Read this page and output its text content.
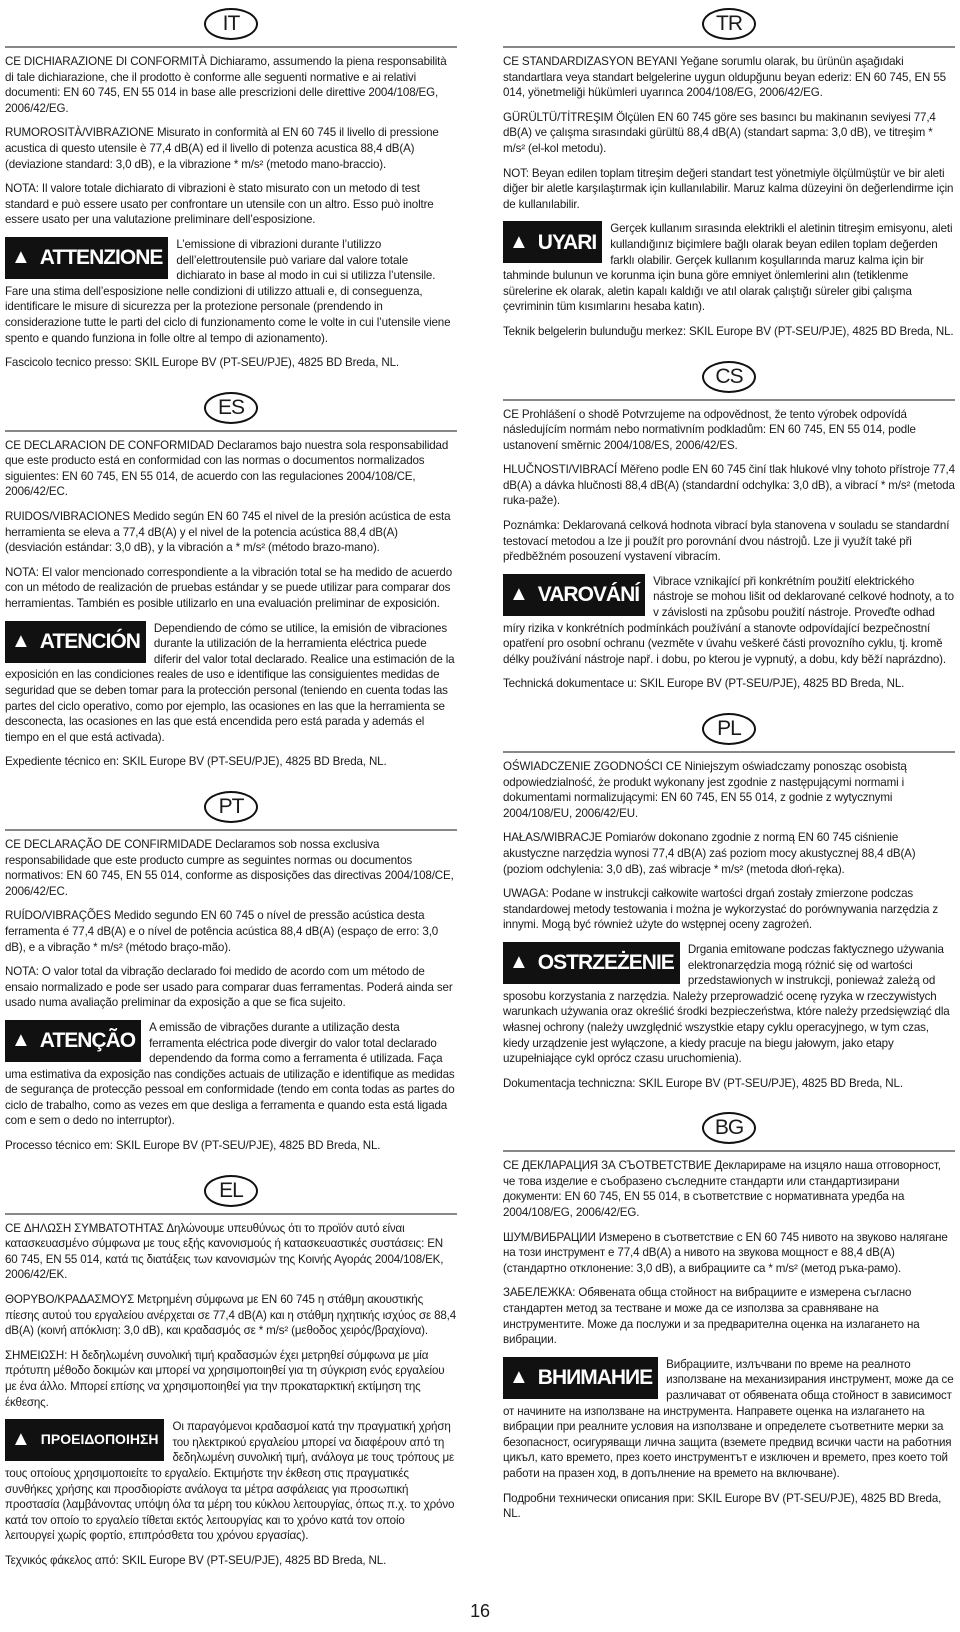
IT

CE DICHIARAZIONE DI CONFORMITÀ Dichiaramo, assumendo la piena responsabilità di tale dichiarazione, che il prodotto è conforme alle seguenti normative e ai relativi documenti: EN 60 745, EN 55 014 in base alle prescrizioni delle direttive 2004/108/EG, 2006/42/EG.

RUMOROSITÀ/VIBRAZIONE Misurato in conformità al EN 60 745 il livello di pressione acustica di questo utensile è 77,4 dB(A) ed il livello di potenza acustica 88,4 dB(A) (deviazione standard: 3,0 dB), e la vibrazione * m/s² (metodo mano-braccio).

NOTA: Il valore totale dichiarato di vibrazioni è stato misurato con un metodo di test standard e può essere usato per confrontare un utensile con un altro. Esso può inoltre essere usato per una valutazione preliminare dell’esposizione.

▲ ATTENZIONE
L’emissione di vibrazioni durante l’utilizzo dell’elettroutensile può variare dal valore totale dichiarato in base al modo in cui si utilizza l’utensile. Fare una stima dell’esposizione nelle condizioni di utilizzo attuali e, di conseguenza, identificare le misure di sicurezza per la protezione personale (prendendo in considerazione tutte le parti del ciclo di funzionamento come le volte in cui l’utensile viene spento e quando funziona in folle oltre al tempo di azionamento).

Fascicolo tecnico presso: SKIL Europe BV (PT-SEU/PJE), 4825 BD Breda, NL.

ES

CE DECLARACION DE CONFORMIDAD Declaramos bajo nuestra sola responsabilidad que este producto está en conformidad con las normas o documentos normalizados siguientes: EN 60 745, EN 55 014, de acuerdo con las regulaciones 2004/108/CE, 2006/42/EC.

RUIDOS/VIBRACIONES Medido según EN 60 745 el nivel de la presión acústica de esta herramienta se eleva a 77,4 dB(A) y el nivel de la potencia acústica 88,4 dB(A) (desviación estándar: 3,0 dB), y la vibración a * m/s² (método brazo-mano).

NOTA: El valor mencionado correspondiente a la vibración total se ha medido de acuerdo con un método de realización de pruebas estándar y se puede utilizar para comparar dos herramientas. También es posible utilizarlo en una evaluación preliminar de exposición.

▲ ATENCIÓN
Dependiendo de cómo se utilice, la emisión de vibraciones durante la utilización de la herramienta eléctrica puede diferir del valor total declarado. Realice una estimación de la exposición en las condiciones reales de uso e identifique las consiguientes medidas de seguridad que se deben tomar para la protección personal (teniendo en cuenta todas las partes del ciclo operativo, como por ejemplo, las ocasiones en las que la herramienta se desconecta, las ocasiones en las que está encendida pero está parada y además el tiempo en el que está activada).

Expediente técnico en: SKIL Europe BV (PT-SEU/PJE), 4825 BD Breda, NL.

PT

CE DECLARAÇÃO DE CONFIRMIDADE Declaramos sob nossa exclusiva responsabilidade que este producto cumpre as seguintes normas ou documentos normativos: EN 60 745, EN 55 014, conforme as disposições das directivas 2004/108/CE, 2006/42/EC.

RUÍDO/VIBRAÇÕES Medido segundo EN 60 745 o nível de pressão acústica desta ferramenta é 77,4 dB(A) e o nível de potência acústica 88,4 dB(A) (espaço de erro: 3,0 dB), e a vibração * m/s² (método braço-mão).

NOTA: O valor total da vibração declarado foi medido de acordo com um método de ensaio normalizado e pode ser usado para comparar duas ferramentas. Poderá ainda ser usado numa avaliação preliminar da exposição a que se fica sujeito.

▲ ATENÇÃO
A emissão de vibrações durante a utilização desta ferramenta eléctrica pode divergir do valor total declarado dependendo da forma como a ferramenta é utilizada. Faça uma estimativa da exposição nas condições actuais de utilização e identifique as medidas de segurança de protecção pessoal em conformidade (tendo em conta todas as partes do ciclo de trabalho, como as vezes em que desliga a ferramenta e quando esta está ligada com e sem o dedo no interruptor).

Processo técnico em: SKIL Europe BV (PT-SEU/PJE), 4825 BD Breda, NL.

EL

CE ΔΗΛΩΣΗ ΣΥΜΒΑΤΟΤΗΤΑΣ Δηλώνουμε υπευθύνως ότι το προϊόν αυτό είναι κατασκευασμένο σύμφωνα με τους εξής κανονισμούς ή κατασκευαστικές συστάσεις: EN 60 745, EN 55 014, κατά τις διατάξεις των κανονισμών της Κοινής Αγοράς 2004/108/EK, 2006/42/EK.

ΘΟΡΥΒΟ/ΚΡΑΔΑΣΜΟΥΣ Μετρημένη σύμφωνα με EN 60 745 η στάθμη ακουστικής πίεσης αυτού του εργαλείου ανέρχεται σε 77,4 dB(A) και η στάθμη ηχητικής ισχύος σε 88,4 dB(A) (κοινή απόκλιση: 3,0 dB), και κραδασμός σε * m/s² (μεθοδος χειρός/βραχίονα).

ΣΗΜΕΙΩΣΗ: Η δεδηλωμένη συνολική τιμή κραδασμών έχει μετρηθεί σύμφωνα με μία πρότυπη μέθοδο δοκιμών και μπορεί να χρησιμοποιηθεί για τη σύγκριση ενός εργαλείου με ένα άλλο. Μπορεί επίσης να χρησιμοποιηθεί για την προκαταρκτική εκτίμηση της έκθεσης.

▲ ΠΡΟΕΙΔΟΠΟΙΗΣΗ
Οι παραγόμενοι κραδασμοί κατά την πραγματική χρήση του ηλεκτρικού εργαλείου μπορεί να διαφέρουν από τη δεδηλωμένη συνολική τιμή, ανάλογα με τους τρόπους με τους οποίους χρησιμοποιείτε το εργαλείο. Εκτιμήστε την έκθεση στις πραγματικές συνθήκες χρήσης και προσδιορίστε ανάλογα τα μέτρα ασφάλειας για προσωπική προστασία (λαμβάνοντας υπόψη όλα τα μέρη του κύκλου λειτουργίας, όπως π.χ. το χρόνο κατά τον οποίο το εργαλείο τίθεται εκτός λειτουργίας και το χρόνο κατά τον οποίο λειτουργεί χωρίς φορτίο, επιπρόσθετα του χρόνου εργασίας).

Τεχνικός φάκελος από: SKIL Europe BV (PT-SEU/PJE), 4825 BD Breda, NL.

TR

CE STANDARDIZASYON BEYANI Yeğane sorumlu olarak, bu ürünün aşağıdaki standartlara veya standart belgelerine uygun oldupğunu beyan ederiz: EN 60 745, EN 55 014, yönetmeliği hükümleri uyarınca 2004/108/EG, 2006/42/EG.

GÜRÜLTÜ/TİTREŞIM Ölçülen EN 60 745 göre ses basıncı bu makinanın seviyesi 77,4 dB(A) ve çalışma sırasındaki gürültü 88,4 dB(A) (standart sapma: 3,0 dB), ve titreşim * m/s² (el-kol metodu).

NOT: Beyan edilen toplam titreşim değeri standart test yönetmiyle ölçülmüştür ve bir aleti diğer bir aletle karşılaştırmak için kullanılabilir. Maruz kalma düzeyini ön değerlendirme için de kullanılabilir.

▲ UYARI
Gerçek kullanım sırasında elektrikli el aletinin titreşim emisyonu, aleti kullandığınız biçimlere bağlı olarak beyan edilen toplam değerden farklı olabilir. Gerçek kullanım koşullarında maruz kalma için bir tahminde bulunun ve korunma için buna göre emniyet önlemlerini alın (tetiklenme sürelerine ek olarak, aletin kapalı kaldığı ve atıl olarak çalıştığı süreler gibi çalışma çevriminin tüm kısımlarını hesaba katın).

Teknik belgelerin bulunduğu merkez: SKIL Europe BV (PT-SEU/PJE), 4825 BD Breda, NL.

CS

CE Prohlášení o shodě Potvrzujeme na odpovědnost, že tento výrobek odpovídá následujícím normám nebo normativním podkladům: EN 60 745, EN 55 014, podle ustanovení směrnic 2004/108/ES, 2006/42/ES.

HLUČNOSTI/VIBRACÍ Měřeno podle EN 60 745 činí tlak hlukové vlny tohoto přístroje 77,4 dB(A) a dávka hlučnosti 88,4 dB(A) (standardní odchylka: 3,0 dB), a vibrací * m/s² (metoda ruka-paže).

Poznámka: Deklarovaná celková hodnota vibrací byla stanovena v souladu se standardní testovací metodou a lze ji použít pro porovnání dvou nástrojů. Lze ji využít také při předběžném posouzení vystavení vibracím.

▲ VAROVÁNÍ
Vibrace vznikající při konkrétním použití elektrického nástroje se mohou lišit od deklarované celkové hodnoty, a to v závislosti na způsobu použití nástroje. Proveďte odhad míry rizika v konkrétních podmínkách používání a stanovte odpovídající bezpečnostní opatření pro osobní ochranu (vezměte v úvahu veškeré části provozního cyklu, tj. kromě délky používání nástroje např. i dobu, po kterou je vypnutý, a dobu, kdy běží naprázdno).

Technická dokumentace u: SKIL Europe BV (PT-SEU/PJE), 4825 BD Breda, NL.

PL

OŚWIADCZENIE ZGODNOŚCI CE Niniejszym oświadczamy ponosząc osobistą odpowiedzialność, że produkt wykonany jest zgodnie z następującymi normami i dokumentami normalizującymi: EN 60 745, EN 55 014, z godnie z wytycznymi 2004/108/EU, 2006/42/EU.

HAŁAS/WIBRACJE Pomiarów dokonano zgodnie z normą EN 60 745 ciśnienie akustyczne narzędzia wynosi 77,4 dB(A) zaś poziom mocy akustycznej 88,4 dB(A) (pozіom odchylenia: 3,0 dB), zaś wibracje * m/s² (metoda dłoń-ręka).

UWAGA: Podane w instrukcji całkowite wartości drgań zostały zmierzone podczas standardowej metody testowania i można je wykorzystać do porównywania narzędzia z innymi. Mogą być również użyte do wstępnej oceny zagrożeń.

▲ OSTRZEŻENIE
Drgania emitowane podczas faktycznego używania elektronarzędzia mogą różnić się od wartości przedstawionych w instrukcji, ponieważ zależą od sposobu korzystania z narzędzia. Należy przeprowadzić ocenę ryzyka w rzeczywistych warunkach używania oraz określić środki bezpieczeństwa, które należy przedsięwziąć dla własnej ochrony (należy uwzględnić wszystkie etapy cyklu operacyjnego, w tym czas, kiedy urządzenie jest wyłączone, a kiedy pracuje na biegu jałowym, jako etapy uzupełniające cykl oprócz czasu uruchomienia).

Dokumentacja techniczna: SKIL Europe BV (PT-SEU/PJE), 4825 BD Breda, NL.

BG

CE ДЕКЛАРАЦИЯ ЗА СЪОТВЕТСТВИЕ Декларираме на изцяло наша отговорност, че това изделие е съобразено съследните стандарти или стандартизирани документи: EN 60 745, EN 55 014, в съответствие с нормативната уредба на 2004/108/EG, 2006/42/EG.

ШУМ/ВИБРАЦИИ Измерено в съответствие с EN 60 745 нивото на звуково налягане на този инструмент е 77,4 dB(A) а нивото на звукова мощност е 88,4 dB(A) (стандартно отклонение: 3,0 dB), а вибрациите са * m/s² (метод ръка-рамо).

ЗАБЕЛЕЖКА: Обявената обща стойност на вибрациите е измерена съгласно стандартен метод за тестване и може да се използва за сравняване на инструментите. Може да послужи и за предварителна оценка на излагането на вибрации.

▲ ВНИМАНИЕ
Вибрациите, излъчвани по време на реалното използване на механизирания инструмент, може да се различават от обявената обща стойност в зависимост от начините на използване на инструмента. Направете оценка на излагането на вибрации при реалните условия на използване и определете съответните мерки за безопасност, осигуряващи лична защита (вземете предвид всички части на работния цикъл, като времето, през което инструментът е изключен и времето, през което той работи на празен ход, в допълнение на времето на включване).

Подробни технически описания при: SKIL Europe BV (PT-SEU/PJE), 4825 BD Breda, NL.

16
